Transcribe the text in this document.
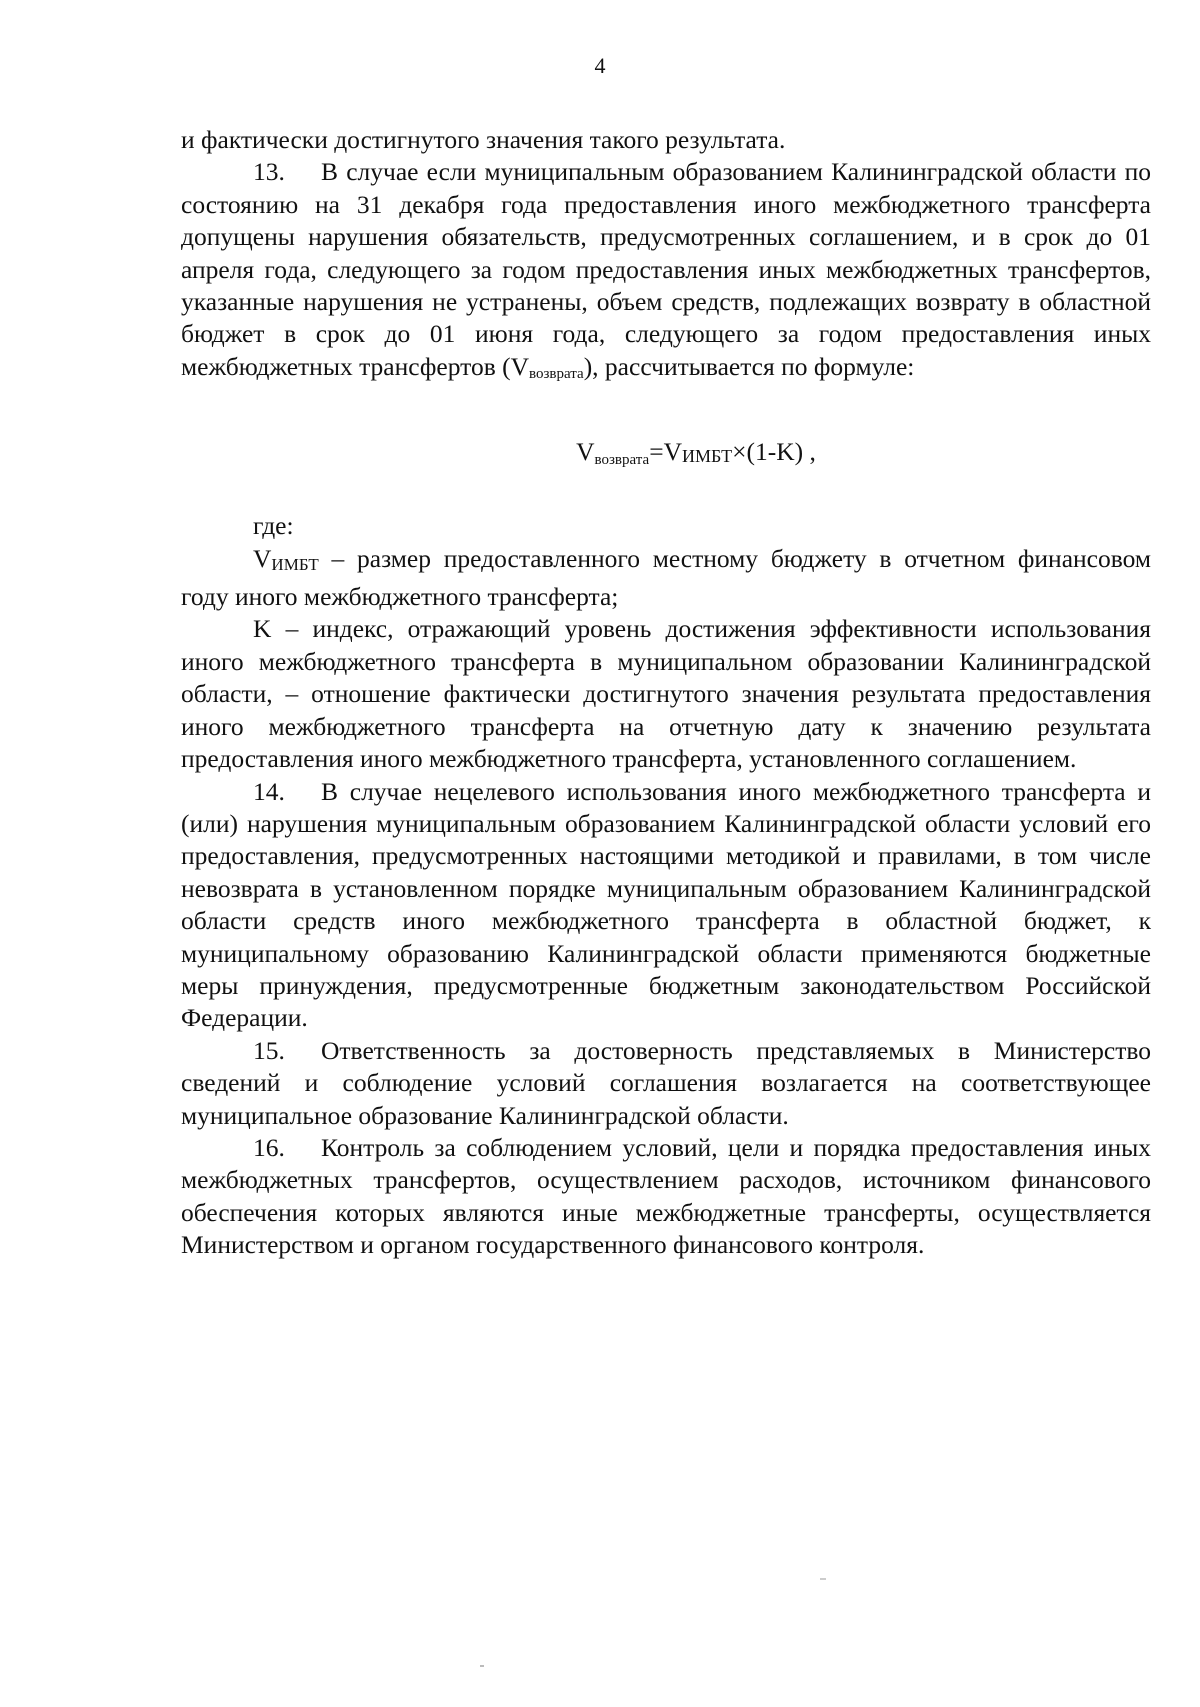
4

и фактически достигнутого значения такого результата.

13. В случае если муниципальным образованием Калининградской области по состоянию на 31 декабря года предоставления иного межбюджетного трансферта допущены нарушения обязательств, предусмотренных соглашением, и в срок до 01 апреля года, следующего за годом предоставления иных межбюджетных трансфертов, указанные нарушения не устранены, объем средств, подлежащих возврату в областной бюджет в срок до 01 июня года, следующего за годом предоставления иных межбюджетных трансфертов (Vвозврата), рассчитывается по формуле:

$V_{возврата}=VИМБТ\times(1-K)$ ,

где:

VИМБТ – размер предоставленного местному бюджету в отчетном финансовом году иного межбюджетного трансферта;

K – индекс, отражающий уровень достижения эффективности использования иного межбюджетного трансферта в муниципальном образовании Калининградской области, – отношение фактически достигнутого значения результата предоставления иного межбюджетного трансферта на отчетную дату к значению результата предоставления иного межбюджетного трансферта, установленного соглашением.

14. В случае нецелевого использования иного межбюджетного трансферта и (или) нарушения муниципальным образованием Калининградской области условий его предоставления, предусмотренных настоящими методикой и правилами, в том числе невозврата в установленном порядке муниципальным образованием Калининградской области средств иного межбюджетного трансферта в областной бюджет, к муниципальному образованию Калининградской области применяются бюджетные меры принуждения, предусмотренные бюджетным законодательством Российской Федерации.

15. Ответственность за достоверность представляемых в Министерство сведений и соблюдение условий соглашения возлагается на соответствующее муниципальное образование Калининградской области.

16. Контроль за соблюдением условий, цели и порядка предоставления иных межбюджетных трансфертов, осуществлением расходов, источником финансового обеспечения которых являются иные межбюджетные трансферты, осуществляется Министерством и органом государственного финансового контроля.
